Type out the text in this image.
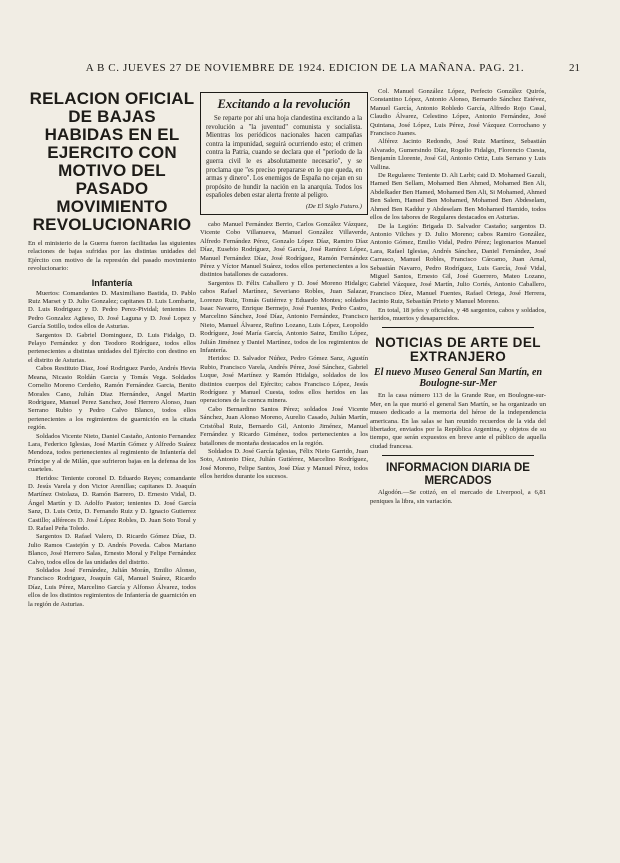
A B C. JUEVES 27 DE NOVIEMBRE DE 1924. EDICION DE LA MAÑANA. PAG. 21.	21
RELACION OFICIAL DE BAJAS HABIDAS EN EL EJERCITO CON MOTIVO DEL PASADO MOVIMIENTO REVOLUCIONARIO

En el ministerio de la Guerra fueron facilitadas las siguientes relaciones de bajas sufridas por las distintas unidades del Ejército con motivo de la represión del pasado movimiento revolucionario:

Infantería

Muertos: Comandantes D. Maximiliano Bastida, D. Pablo Ruiz Marset y D. Julio Gonzalez; capitanes D. Luis Lombarte, D. Luis Rodriguez y D. Pedro Perez-Pividal; tenientes D. Pedro Gonzalez Agüeso, D. José Laguna y D. José Lopez y García Sotillo, todos ellos de Asturias.

Sargentos D. Gabriel Dominguez, D. Luis Fidalgo, D. Pelayo Fernández y don Teodoro Rodríguez, todos ellos pertenecientes a distintas unidades del Ejército con destino en el distrito de Asturias.

Cabos Restituto Diaz, José Rodriguez Pardo, Andrés Hevia Meana, Nicasio Roldán Garcia y Tomás Vega. Soldados Cornelio Moreno Cerdeño, Ramón Fernández Garcia, Benito Morales Cano, Julián Diaz Hernández, Angel Martin Rodriguez, Manuel Perez Sanchez, José Herrero Alonso, Juan Serrano Rubio y Pedro Calvo Blanco, todos ellos pertenecientes a los regimientos de guarnición en la citada región.

Soldados Vicente Nieto, Daniel Castaño, Antonio Fernandez Lara, Federico Iglesias, José Martín Gómez y Alfredo Suárez Mendoza, todos pertenecientes al regimiento de Infantería del Príncipe y al de Milán, que sufrieron bajas en la defensa de los cuarteles.

Heridos: Teniente coronel D. Eduardo Reyes; comandante D. Jesús Varela y don Victor Arenillas; capitanes D. Joaquín Martínez Ostolaza, D. Ramón Barrero, D. Ernesto Vidal, D. Ángel Martín y D. Adolfo Pastor; tenientes D. José García Sanz, D. Luis Ortiz, D. Fernando Ruiz y D. Ignacio Gutierrez Castillo; alféreces D. José López Robles, D. Juan Soto Toral y D. Rafael Peña Toledo.

Sargentos D. Rafael Valero, D. Ricardo Gómez Díaz, D. Julio Ramos Castejón y D. Andrés Poveda. Cabos Mariano Blanco, José Herrero Salas, Ernesto Moral y Felipe Fernández Calvo, todos ellos de las unidades del distrito.

Soldados José Fernández, Julián Morán, Emilio Alonso, Francisco Rodriguez, Joaquín Gil, Manuel Suárez, Ricardo Díaz, Luis Pérez, Marcelino García y Alfonso Álvarez, todos ellos de los distintos regimientos de Infantería de guarnición en la región de Asturias.

Excitando a la revolución
Se reparte por ahí una hoja clandestina excitando a la revolución a "la juventud" comunista y socialista. Mientras los periódicos nacionales hacen campañas contra la impunidad, seguirá ocurriendo esto; el crimen contra la Patria, cuando se declara que el "período de la guerra civil le es absolutamente necesario", y se proclama que "es preciso prepararse en lo que queda, en armas y dinero". Los enemigos de España no cejan en su propósito de hundir la nación en la anarquía. Todos los españoles deben estar alerta frente al peligro.
(De El Siglo Futuro.)

cabo Manuel Fernández Berrio, Carlos González Vázquez, Vicente Cobo Villanueva, Manuel González Villaverde, Alfredo Fernández Pérez, Gonzalo López Díaz, Ramiro Díaz Díaz, Eusebio Rodríguez, José García, José Ramírez López, Manuel Fernández Díaz, José Rodríguez, Ramón Fernández Pérez y Víctor Manuel Suárez, todos ellos pertenecientes a los distintos batallones de cazadores.

Sargentos D. Félix Caballero y D. José Moreno Hidalgo; cabos Rafael Martínez, Severiano Robles, Juan Salazar, Lorenzo Ruiz, Tomás Gutiérrez y Eduardo Montes; soldados Isaac Navarro, Enrique Bermejo, José Fuentes, Pedro Castro, Marcelino Sánchez, José Díaz, Antonio Fernández, Francisco Nieto, Manuel Álvarez, Rufino Lozano, Luis López, Leopoldo Rodríguez, José María García, Antonio Sainz, Emilio López, Julián Jiménez y Daniel Martínez, todos de los regimientos de Infantería.

Heridos: D. Salvador Núñez, Pedro Gómez Sanz, Agustín Rubio, Francisco Varela, Andrés Pérez, José Sánchez, Gabriel Luque, José Martínez y Ramón Hidalgo, soldados de los distintos cuerpos del Ejército; cabos Francisco López, Jesús Rodríguez y Manuel Cuesta, todos ellos heridos en las operaciones de la cuenca minera.

Cabo Bernardino Santos Pérez; soldados José Vicente Sánchez, Juan Alonso Moreno, Aurelio Casado, Julián Martín, Cristóbal Ruiz, Bernardo Gil, Antonio Jiménez, Manuel Fernández y Ricardo Giménez, todos pertenecientes a los batallones de montaña destacados en la región.

Soldados D. José García Iglesias, Félix Nieto Garrido, Juan Soto, Antonio Díez, Julián Gutiérrez, Marcelino Rodríguez, José Moreno, Felipe Santos, José Díaz y Manuel Pérez, todos ellos heridos durante los sucesos.

Col. Manuel González López, Perfecto González Quirós, Constantino López, Antonio Alonso, Bernardo Sánchez Estévez, Manuel García, Antonio Robledo García, Alfredo Rojo Casal, Claudio Álvarez, Celestino López, Antonio Fernández, José Quintana, José López, Luis Pérez, José Vázquez Corrochano y Francisco Juanes.

Alférez Jacinto Redondo, José Ruiz Martínez, Sebastián Alvarado, Gumersindo Díaz, Rogelio Fidalgo, Florencio Cuesta, Benjamín Llorente, José Gil, Antonio Ortiz, Luis Serrano y Luis Vallina.

De Regulares: Teniente D. Ali Larbi; caid D. Mohamed Gazuli, Hamed Ben Sellam, Mohamed Ben Ahmed, Mohamed Ben Ali, Abdelkader Ben Hamed, Mohamed Ben Ali, Si Mohamed, Ahmed Ben Salem, Hamed Ben Mohamed, Mohamed Ben Abdeselam, Ahmed Ben Kaddur y Abdeselam Ben Mohamed Hamido, todos ellos de los tabores de Regulares destacados en Asturias.

De la Legión: Brigada D. Salvador Castaño; sargentos D. Antonio Vilches y D. Julio Moreno; cabos Ramiro González, Antonio Gómez, Emilio Vidal, Pedro Pérez; legionarios Manuel Lara, Rafael Iglesias, Andrés Sánchez, Daniel Fernández, José Carrasco, Manuel Robles, Francisco Cárcamo, Juan Arnal, Sebastián Navarro, Pedro Rodríguez, Luis García, José Vidal, Miguel Santos, Ernesto Gil, José Guerrero, Mateo Lozano, Gabriel Vázquez, José Martín, Julio Cortés, Antonio Caballero, Francisco Díez, Manuel Fuentes, Rafael Ortega, José Herrera, Jacinto Ruiz, Sebastián Prieto y Manuel Moreno.

En total, 18 jefes y oficiales, y 48 sargentos, cabos y soldados, heridos, muertos y desaparecidos.

NOTICIAS DE ARTE DEL EXTRANJERO
El nuevo Museo General San Martín, en Boulogne-sur-Mer

En la casa número 113 de la Grande Rue, en Boulogne-sur-Mer, en la que murió el general San Martín, se ha organizado un museo dedicado a la memoria del héroe de la independencia americana. En las salas se han reunido recuerdos de la vida del libertador, enviados por la República Argentina, y objetos de su tiempo, que serán expuestos en breve ante el público de aquella ciudad francesa.

INFORMACION DIARIA DE MERCADOS

Algodón.—Se cotizó, en el mercado de Liverpool, a 6,81 peniques la libra, sin variación.
